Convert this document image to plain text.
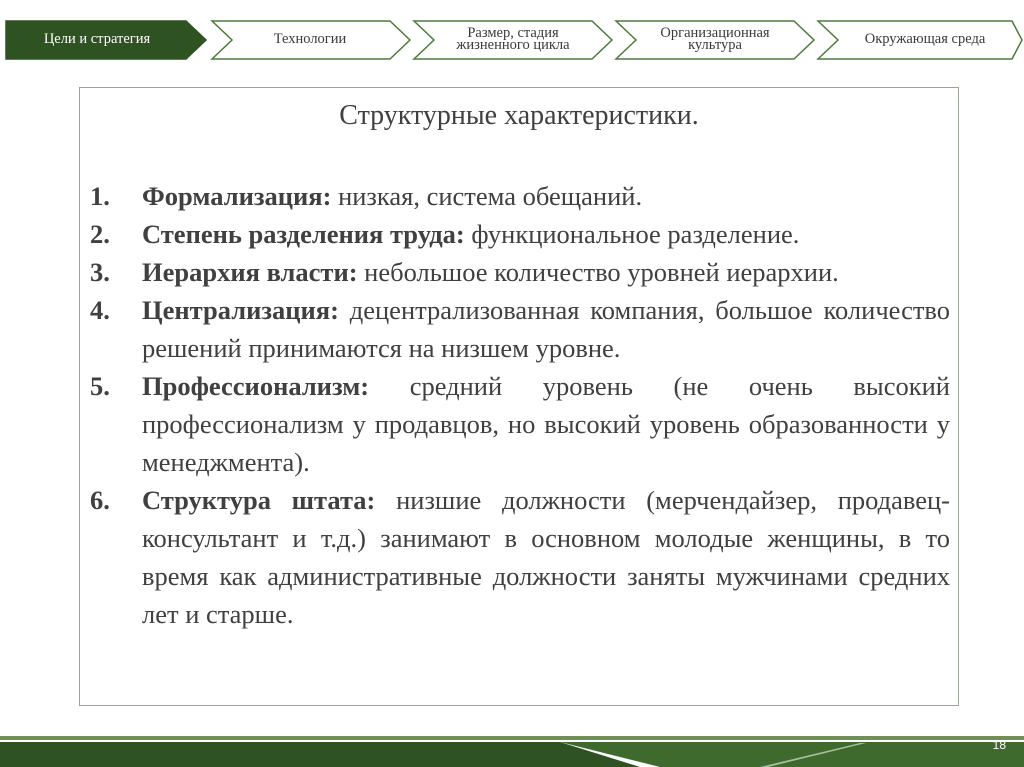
Цели и стратегия	Технологии	Размер, стадия жизненного цикла
Организационная культура	Окружающая среда
Структурные характеристики.
1.	Формализация: низкая, система обещаний.
2.	Степень разделения труда: функциональное разделение.
3.	Иерархия власти: небольшое количество уровней иерархии.
4.	Централизация: децентрализованная компания, большое количество решений принимаются на низшем уровне.
5.	Профессионализм: средний уровень (не очень высокий профессионализм у продавцов, но высокий уровень образованности у менеджмента).
6.	Структура штата: низшие должности (мерчендайзер, продавец-консультант и т.д.) занимают в основном молодые женщины, в то время как административные должности заняты мужчинами средних лет и старше.
18
